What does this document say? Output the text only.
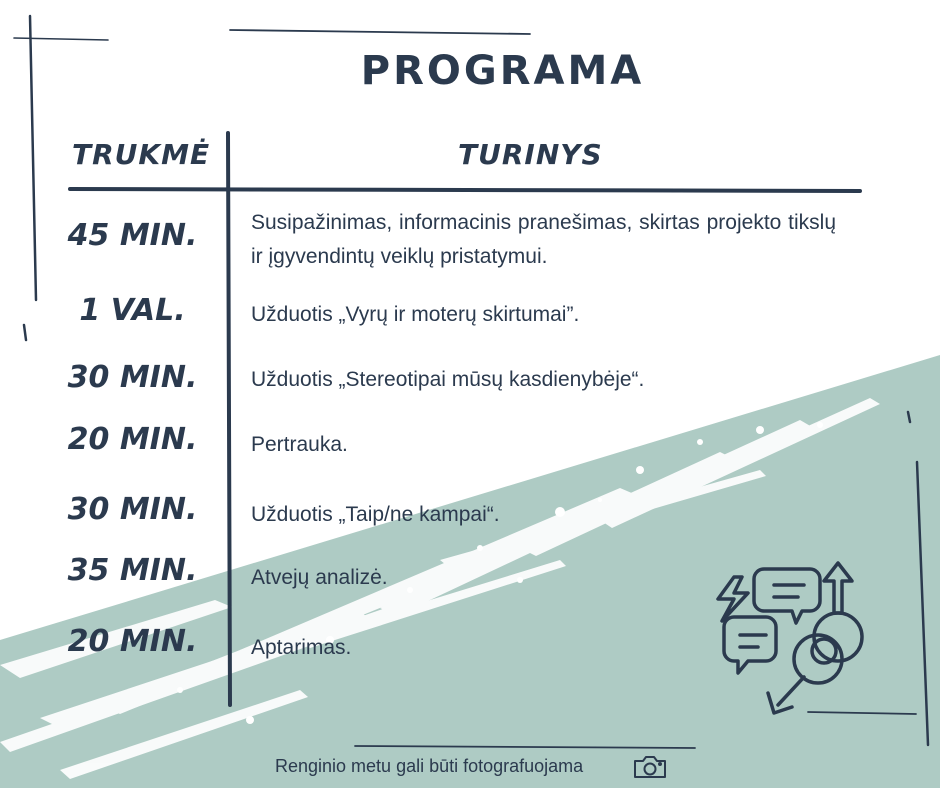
PROGRAMA
TRUKMĖ	TURINYS
45 MIN.	Susipažinimas, informacinis pranešimas, skirtas projekto tikslų ir įgyvendintų veiklų pristatymui.
1 VAL.	Užduotis „Vyrų ir moterų skirtumai”.
30 MIN.	Užduotis „Stereotipai mūsų kasdienybėje“.
20 MIN.	Pertrauka.
30 MIN.	Užduotis „Taip/ne kampai“.
35 MIN.	Atvejų analizė.
20 MIN.	Aptarimas.
Renginio metu gali būti fotografuojama
